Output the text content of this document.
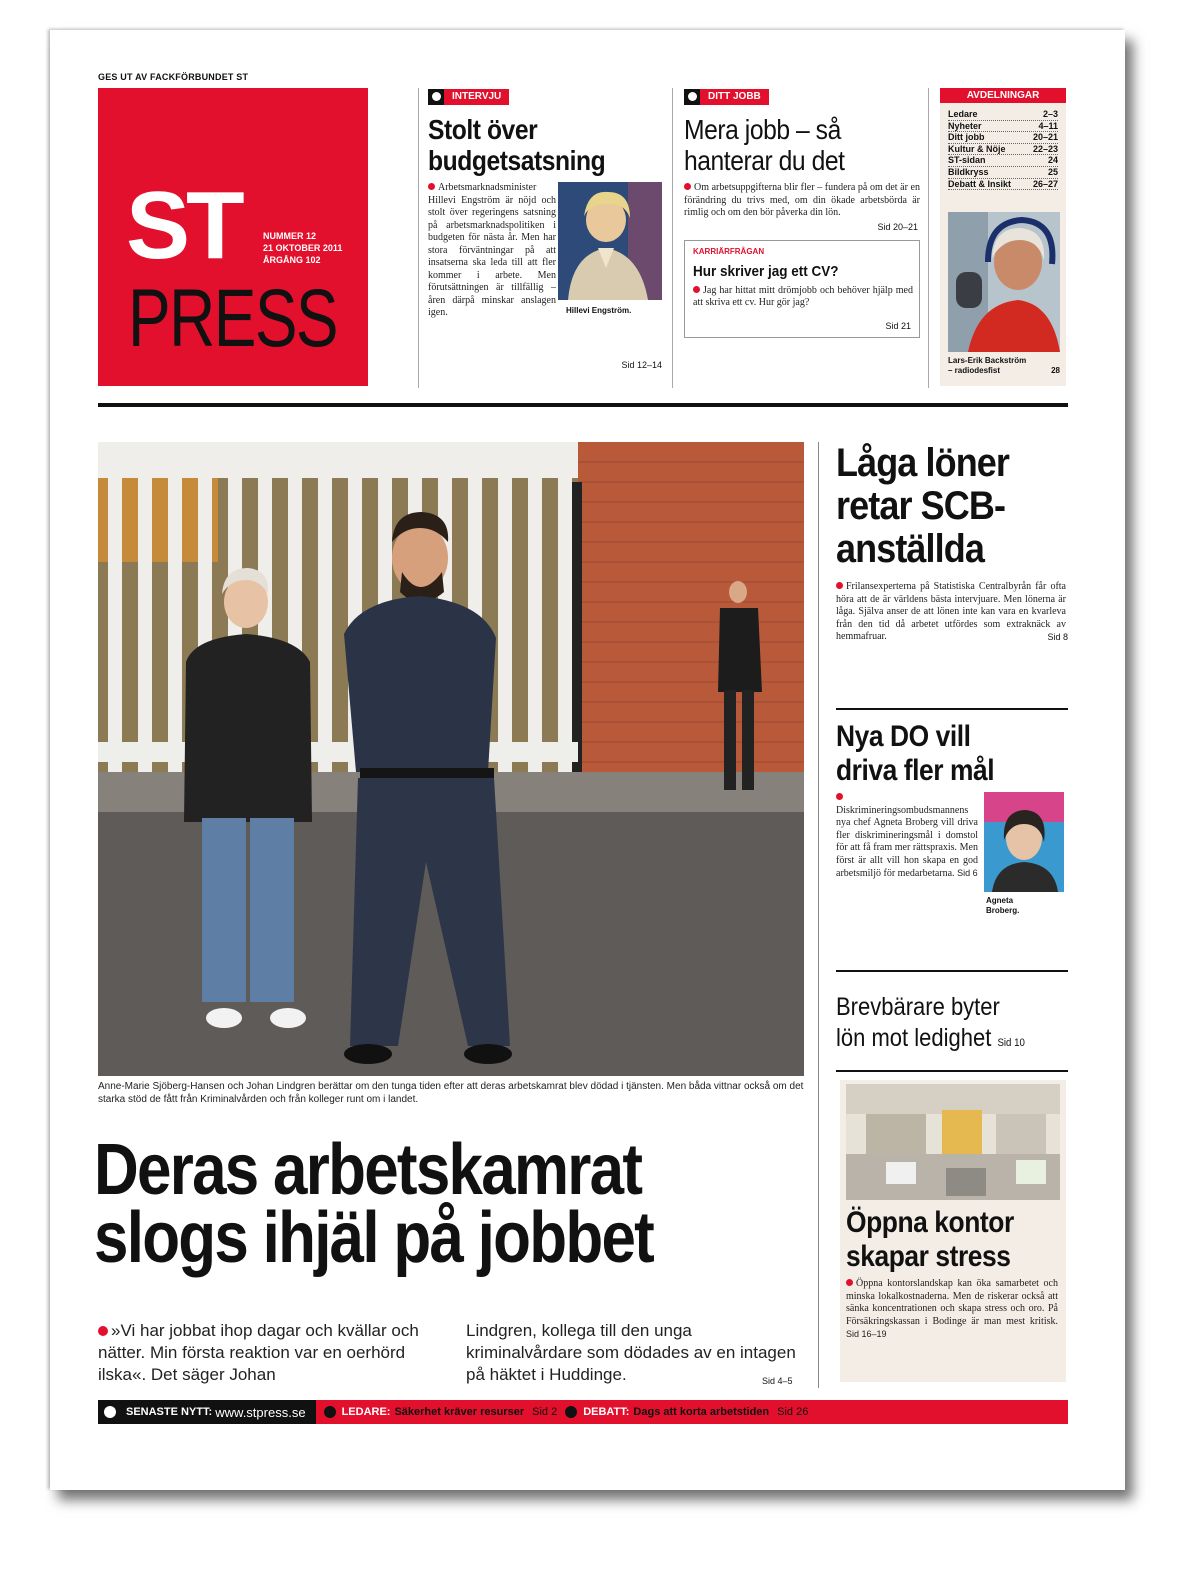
GES UT AV FACKFÖRBUNDET ST
ST NUMMER 12
21 OKTOBER 2011
ÅRGÅNG 102
PRESS
INTERVJU
Stolt över
budgetsatsning
Arbetsmarknadsminister Hillevi Engström är nöjd och stolt över regeringens satsning på arbetsmarknadspolitiken i budgeten för nästa år. Men har stora förväntningar på att insatserna ska leda till att fler kommer i arbete. Men förutsättningen är tillfällig – åren därpå minskar anslagen igen.	Hillevi Engström.
Sid 12–14
DITT JOBB
Mera jobb – så
hanterar du det
Om arbetsuppgifterna blir fler – fundera på om det är en förändring du trivs med, om din ökade arbetsbörda är rimlig och om den bör påverka din lön.
Sid 20–21
KARRIÄRFRÅGAN
Hur skriver jag ett CV?
Jag har hittat mitt drömjobb och behöver hjälp med att skriva ett cv. Hur gör jag?
Sid 21
AVDELNINGAR
Ledare	2–3
Nyheter	4–11
Ditt jobb	20–21
Kultur & Nöje	22–23
ST-sidan	24
Bildkryss	25
Debatt & Insikt 26–27
Lars-Erik Backström
– radiodesfist	28
Anne-Marie Sjöberg-Hansen och Johan Lindgren berättar om den tunga tiden efter att deras arbetskamrat blev dödad i tjänsten. Men båda vittnar också om det starka stöd de fått från Kriminalvården och från kolleger runt om i landet.
Deras arbetskamrat
slogs ihjäl på jobbet
»Vi har jobbat ihop dagar och kvällar och nätter. Min första reaktion var en oerhörd ilska«. Det säger Johan
Lindgren, kollega till den unga kriminalvårdare som dödades av en intagen på häktet i Huddinge.	Sid 4–5
Låga löner
retar SCB-
anställda
Frilansexperterna på Statistiska Centralbyrån får ofta höra att de är världens bästa intervjuare. Men lönerna är låga. Själva anser de att lönen inte kan vara en kvarleva från den tid då arbetet utfördes som extraknäck av hemmafruar.	Sid 8
Nya DO vill
driva fler mål
Diskrimineringsombudsmannens nya chef Agneta Broberg vill driva fler diskrimineringsmål i domstol för att få fram mer rättspraxis. Men först är allt vill hon skapa en god arbetsmiljö för medarbetarna. Sid 6
Agneta
Broberg.
Brevbärare byter
lön mot ledighet Sid 10
Öppna kontor
skapar stress
Öppna kontorslandskap kan öka samarbetet och minska lokalkostnaderna. Men de riskerar också att sänka koncentrationen och skapa stress och oro. På Försäkringskassan i Bodinge är man mest kritisk. Sid 16–19
SENASTE NYTT:
www.stpress.se	LEDARE:
Säkerhet kräver resurser
Sid 2 DEBATT:
Dags att korta arbetstiden
Sid 26
